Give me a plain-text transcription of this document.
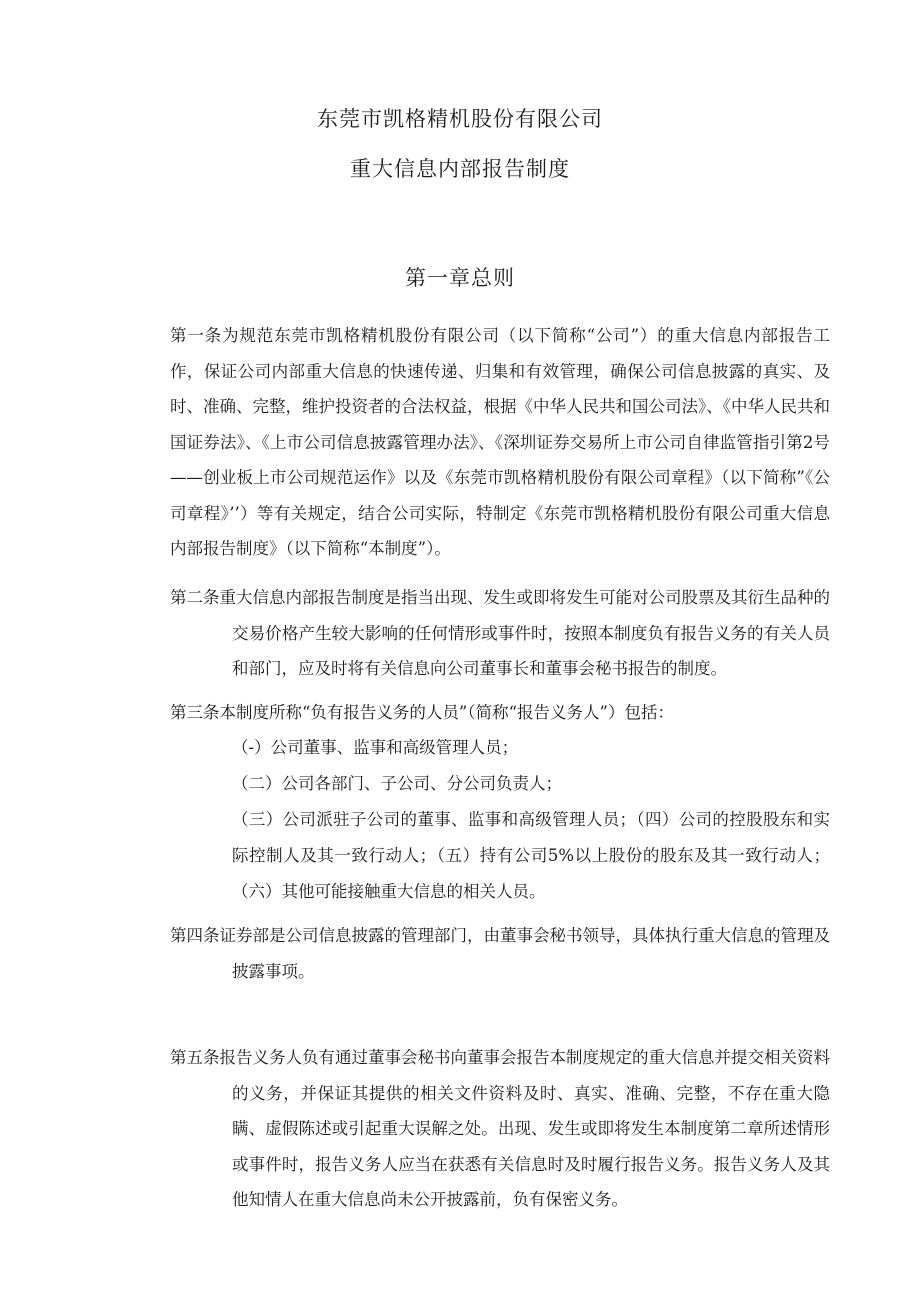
东莞市凯格精机股份有限公司
重大信息内部报告制度
第一章总则
第一条为规范东莞市凯格精机股份有限公司（以下简称“公司”）的重大信息内部报告工作，保证公司内部重大信息的快速传递、归集和有效管理，确保公司信息披露的真实、及时、准确、完整，维护投资者的合法权益，根据《中华人民共和国公司法》、《中华人民共和国证券法》、《上市公司信息披露管理办法》、《深圳证券交易所上市公司自律监管指引第2号——创业板上市公司规范运作》以及《东莞市凯格精机股份有限公司章程》（以下简称”《公司章程》’’）等有关规定，结合公司实际，特制定《东莞市凯格精机股份有限公司重大信息内部报告制度》（以下简称“本制度”）。
第二条重大信息内部报告制度是指当出现、发生或即将发生可能对公司股票及其衍生品种的交易价格产生较大影响的任何情形或事件时，按照本制度负有报告义务的有关人员和部门，应及时将有关信息向公司董事长和董事会秘书报告的制度。
第三条本制度所称“负有报告义务的人员”（简称“报告义务人”）包括：
（-）公司董事、监事和高级管理人员；
（二）公司各部门、子公司、分公司负责人；
（三）公司派驻子公司的董事、监事和高级管理人员；（四）公司的控股股东和实际控制人及其一致行动人；（五）持有公司5%以上股份的股东及其一致行动人；（六）其他可能接触重大信息的相关人员。
第四条证券部是公司信息披露的管理部门，由董事会秘书领导，具体执行重大信息的管理及披露事项。
第五条报告义务人负有通过董事会秘书向董事会报告本制度规定的重大信息并提交相关资料的义务，并保证其提供的相关文件资料及时、真实、准确、完整，不存在重大隐瞒、虚假陈述或引起重大误解之处。出现、发生或即将发生本制度第二章所述情形或事件时，报告义务人应当在获悉有关信息时及时履行报告义务。报告义务人及其他知情人在重大信息尚未公开披露前，负有保密义务。
